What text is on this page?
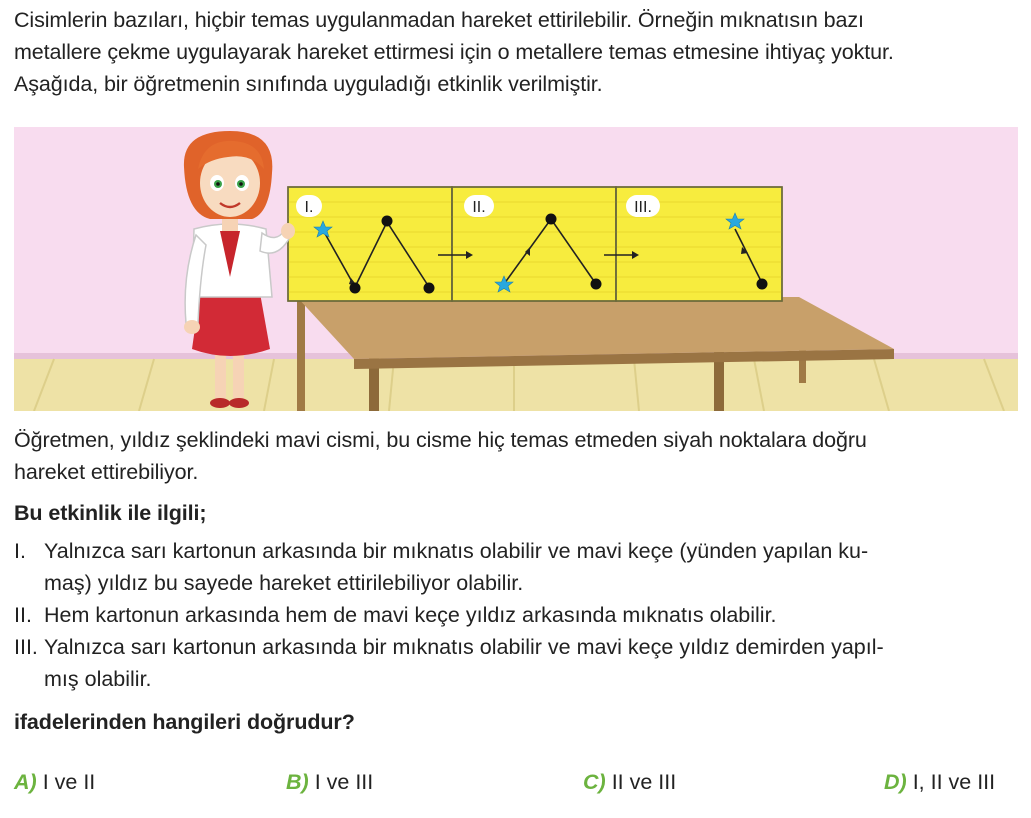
Cisimlerin bazıları, hiçbir temas uygulanmadan hareket ettirilebilir. Örneğin mıknatısın bazı
metallere çekme uygulayarak hareket ettirmesi için o metallere temas etmesine ihtiyaç yoktur.
Aşağıda, bir öğretmenin sınıfında uyguladığı etkinlik verilmiştir.
I.	II.	III.
Öğretmen, yıldız şeklindeki mavi cismi, bu cisme hiç temas etmeden siyah noktalara doğru
hareket ettirebiliyor.
Bu etkinlik ile ilgili;
I. Yalnızca sarı kartonun arkasında bir mıknatıs olabilir ve mavi keçe (yünden yapılan ku-
maş) yıldız bu sayede hareket ettirilebiliyor olabilir.
II. Hem kartonun arkasında hem de mavi keçe yıldız arkasında mıknatıs olabilir.
III. Yalnızca sarı kartonun arkasında bir mıknatıs olabilir ve mavi keçe yıldız demirden yapıl-
mış olabilir.
ifadelerinden hangileri doğrudur?
A) I ve II	B) I ve III	C) II ve III	D) I, II ve III
